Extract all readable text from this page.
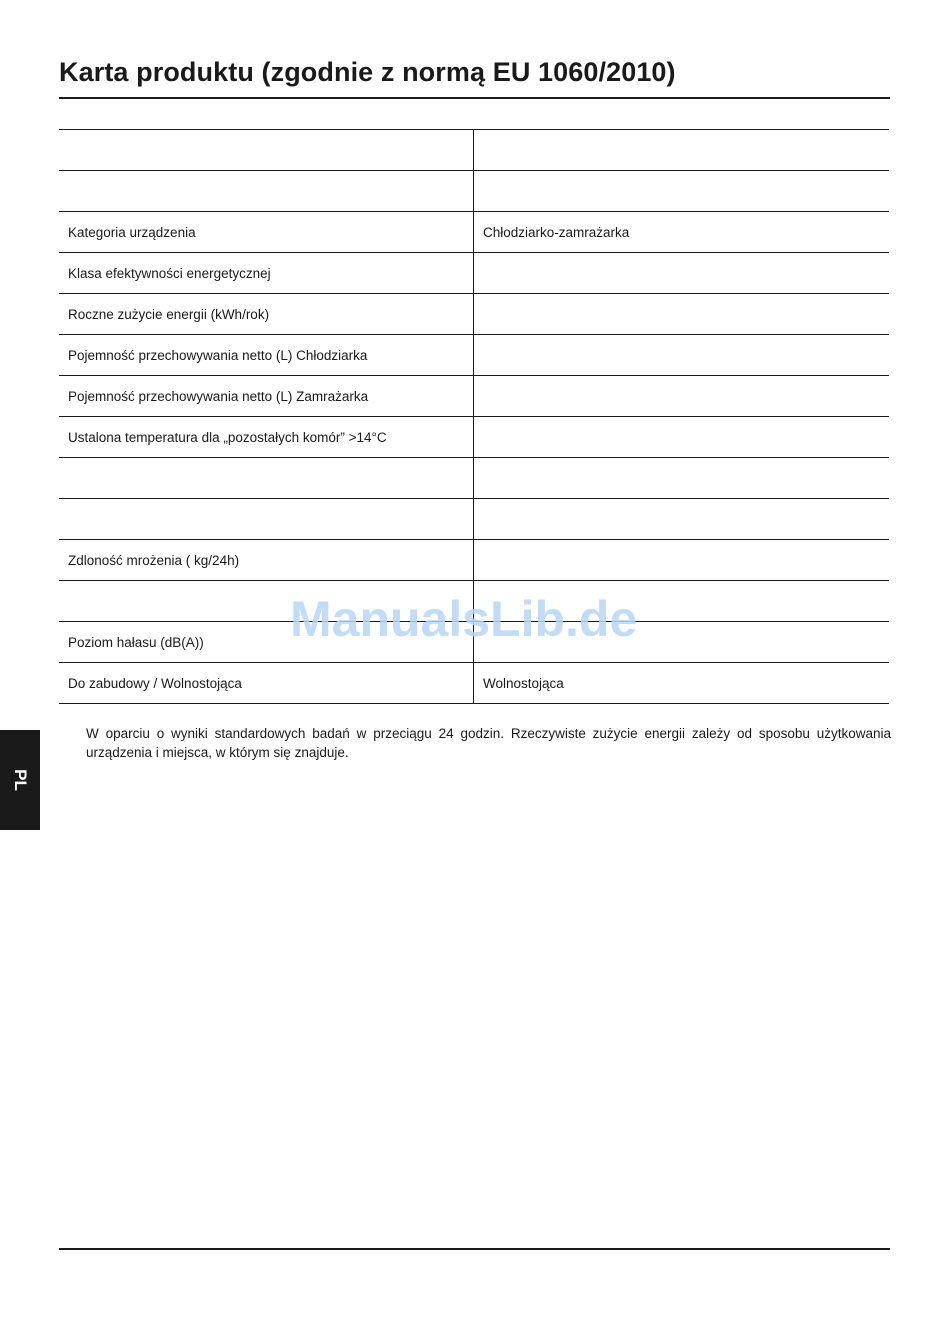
Karta produktu (zgodnie z normą EU 1060/2010)

Kategoria urządzenia	Chłodziarko-zamrażarka
Klasa efektywności energetycznej	
Roczne zużycie energii (kWh/rok)	
Pojemność przechowywania netto (L) Chłodziarka	
Pojemność przechowywania netto (L) Zamrażarka	
Ustalona temperatura dla „pozostałych komór” >14°C	

Zdloność mrożenia ( kg/24h)	

Poziom hałasu (dB(A))	
Do zabudowy / Wolnostojąca	Wolnostojąca
ManualsLib.de

W oparciu o wyniki standardowych badań w przeciągu 24 godzin. Rzeczywiste zużycie energii zależy od sposobu użytkowania urządzenia i miejsca, w którym się znajduje.

PL
